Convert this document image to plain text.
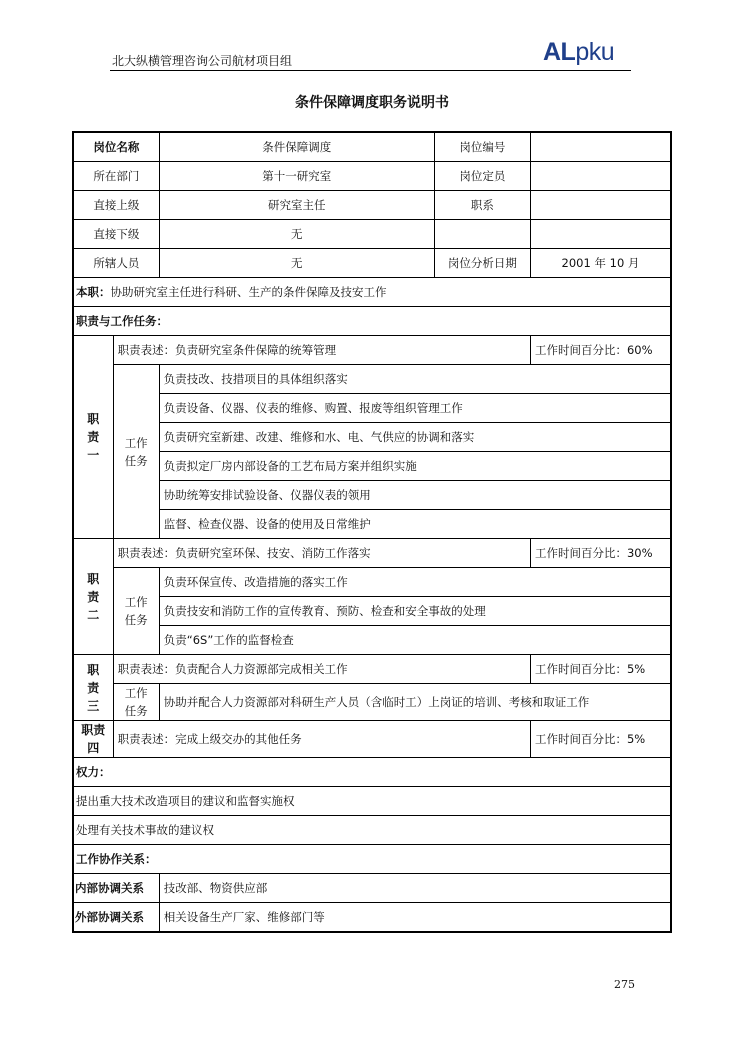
北大纵横管理咨询公司航材项目组	ALpku
条件保障调度职务说明书
岗位名称		条件保障调度	岗位编号	
所在部门		第十一研究室	岗位定员	
直接上级		研究室主任	职系	
直接下级		无		
所辖人员		无	岗位分析日期	2001 年 10 月
本职：协助研究室主任进行科研、生产的条件保障及技安工作				
职责与工作任务：				
职
责
一	职责表述：负责研究室条件保障的统筹管理			工作时间百分比：60%
	工作
任务	负责技改、技措项目的具体组织落实		
		负责设备、仪器、仪表的维修、购置、报废等组织管理工作		
		负责研究室新建、改建、维修和水、电、气供应的协调和落实		
		负责拟定厂房内部设备的工艺布局方案并组织实施		
		协助统筹安排试验设备、仪器仪表的领用		
		监督、检查仪器、设备的使用及日常维护		
职
责
二	职责表述：负责研究室环保、技安、消防工作落实			工作时间百分比：30%
	工作
任务	负责环保宣传、改造措施的落实工作		
		负责技安和消防工作的宣传教育、预防、检查和安全事故的处理		
		负责“6S”工作的监督检查		
职
责
三	职责表述：负责配合人力资源部完成相关工作			工作时间百分比：5%
	工作
任务	协助并配合人力资源部对科研生产人员（含临时工）上岗证的培训、考核和取证工作		
职责
四	职责表述：完成上级交办的其他任务			工作时间百分比：5%
权力：				
提出重大技术改造项目的建议和监督实施权				
处理有关技术事故的建议权				
工作协作关系：				
内部协调关系		技改部、物资供应部		
外部协调关系		相关设备生产厂家、维修部门等		
275
